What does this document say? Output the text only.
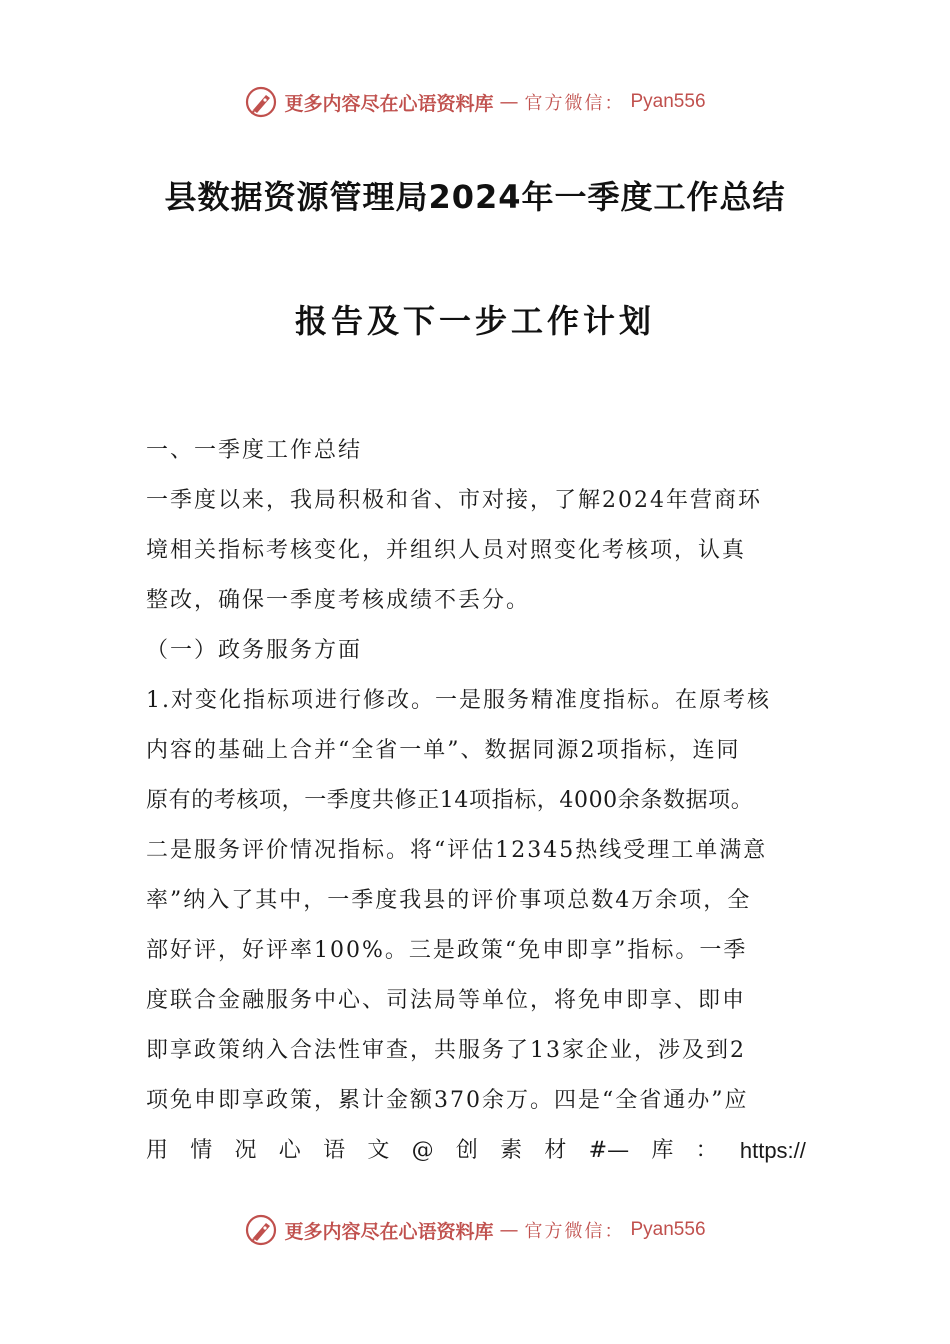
更多内容尽在心语资料库 — 官方微信： Pyan556
县数据资源管理局2024年一季度工作总结
报告及下一步工作计划
一、一季度工作总结
一季度以来，我局积极和省、市对接，了解2024年营商环
境相关指标考核变化，并组织人员对照变化考核项，认真
整改，确保一季度考核成绩不丢分。
（一）政务服务方面
1.对变化指标项进行修改。一是服务精准度指标。在原考核
内容的基础上合并“全省一单”、数据同源2项指标，连同
原有的考核项，一季度共修正14项指标，4000余条数据项。
二是服务评价情况指标。将“评估12345热线受理工单满意
率”纳入了其中，一季度我县的评价事项总数4万余项，全
部好评，好评率100%。三是政策“免申即享”指标。一季
度联合金融服务中心、司法局等单位，将免申即享、即申
即享政策纳入合法性审查，共服务了13家企业，涉及到2
项免申即享政策，累计金额370余万。四是“全省通办”应
用 情 况 心 语 文 @ 创 素 材 #— 库 ： https://
更多内容尽在心语资料库 — 官方微信： Pyan556
